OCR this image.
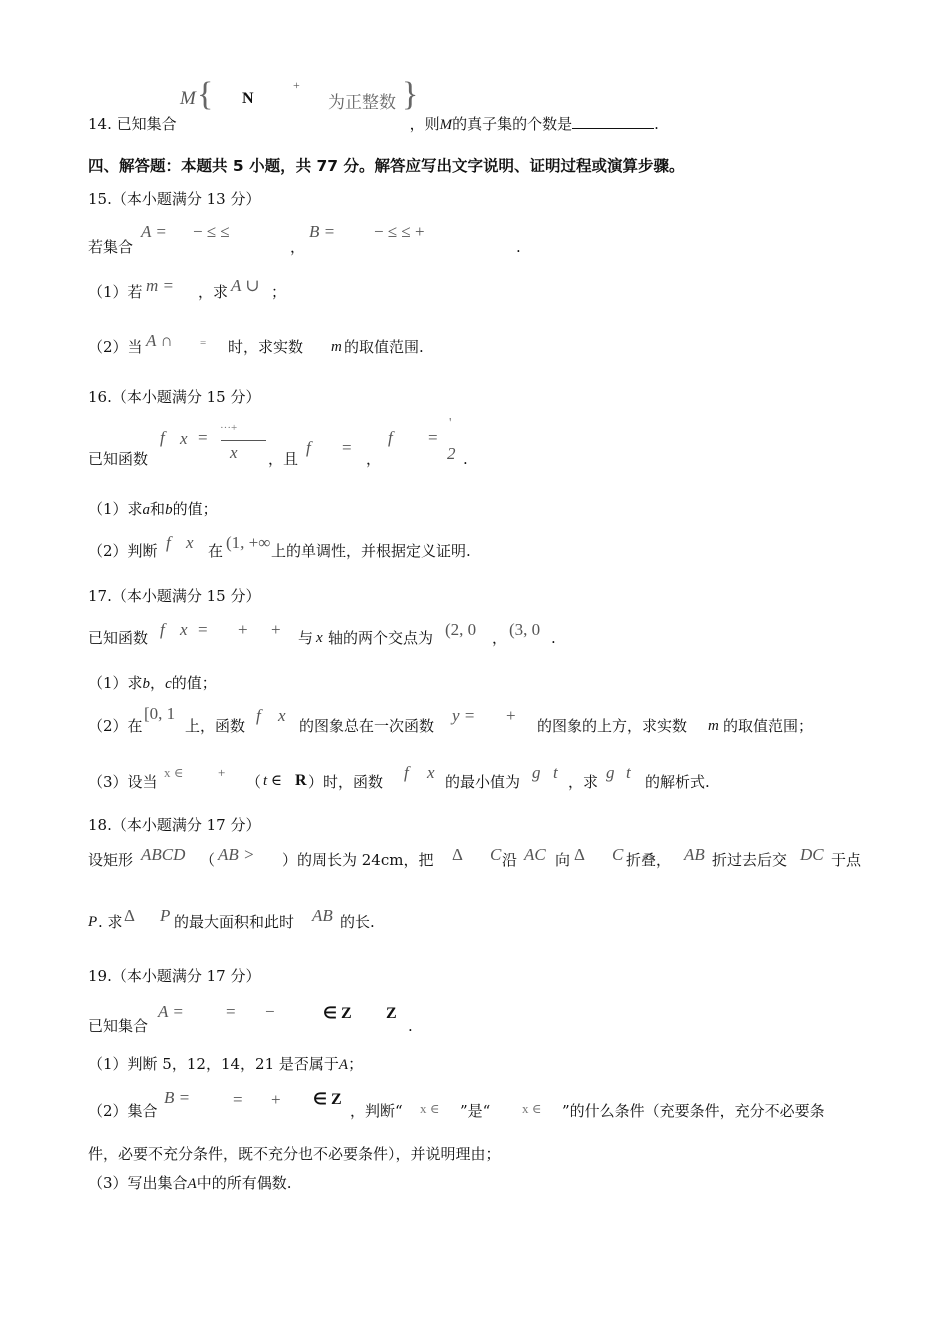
M { N
+
为正整数 }
14. 已知集合	，则M的真子集的个数是	.
四、解答题：本题共 5 小题，共 77 分。解答应写出文字说明、证明过程或演算步骤。
15.（本小题满分 13 分）
若集合
A = − ≤ ≤
，
B = − ≤ ≤ +
.
（1）若 m = ，求 A ∪ ；
（2）当 A ∩ = 时，求实数 m 的取值范围.
16.（本小题满分 15 分）
已知函数
f x = ···+
x ，且
f =
，
f =
'
2 .
（1）求a和b的值；
（2）判断 f x 在 (1, +∞ 上的单调性，并根据定义证明.
17.（本小题满分 15 分）
已知函数 f x = + + 与 x 轴的两个交点为 (2, 0 ， (3, 0 .
（1）求b，c的值；
（2）在
[0, 1
上，函数
f x
的图象总在一次函数
y = +
的图象的上方，求实数 m 的取值范围；
（3）设当
x ∈	+
（ t ∈ R ）时，函数 f x 的最小值为 g t ，求 g t 的解析式.
18.（本小题满分 17 分）
设矩形 ABCD （ AB > ）的周长为 24cm，把 Δ C 沿 AC 向 Δ C 折叠， AB 折过去后交 DC 于点
P . 求 Δ P 的最大面积和此时 AB 的长.
19.（本小题满分 17 分）
已知集合
A = = −	∈ Z Z
.
（1）判断 5，12，14，21 是否属于A；
（2）集合
B =	= + ∈ Z
，判断“ x ∈ ”是“ x ∈ ”的什么条件（充要条件，充分不必要条
件，必要不充分条件，既不充分也不必要条件），并说明理由；
（3）写出集合A中的所有偶数.
